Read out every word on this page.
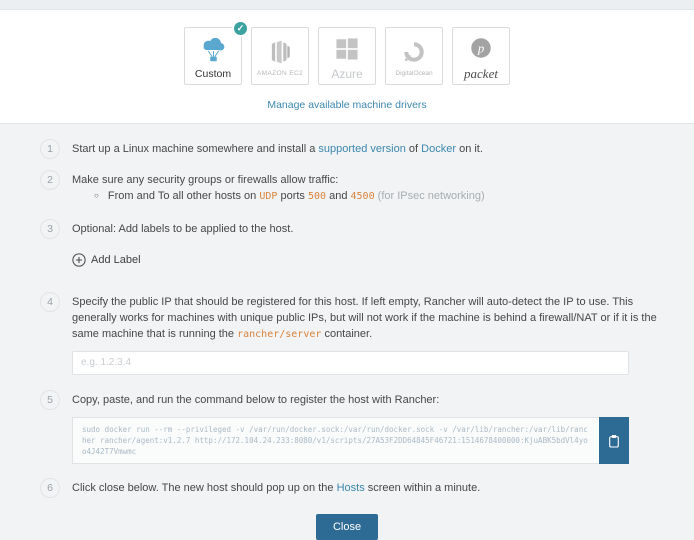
✓
Custom	AMAZON EC2 Azure	DigitalOcean
p
packet
Manage available machine drivers
1	Start up a Linux machine somewhere and install a supported version of Docker on it.
2	Make sure any security groups or firewalls allow traffic:
○ From and To all other hosts on UDP ports 500 and 4500 (for IPsec networking)
3	Optional: Add labels to be applied to the host.
Add Label
4	Specify the public IP that should be registered for this host. If left empty, Rancher will auto-detect the IP to use. This generally works for machines with unique public IPs, but will not work if the machine is behind a firewall/NAT or if it is the same machine that is running the rancher/server container.
e.g. 1.2.3.4
5	Copy, paste, and run the command below to register the host with Rancher:
sudo docker run --rm --privileged -v /var/run/docker.sock:/var/run/docker.sock -v /var/lib/rancher:/var/lib/rancher rancher/agent:v1.2.7 http://172.104.24.233:8080/v1/scripts/27A53F2DD64845F46721:1514678400000:KjuABK5bdVl4yoo4J42T7Vmwmc
6	Click close below. The new host should pop up on the Hosts screen within a minute.
Close
